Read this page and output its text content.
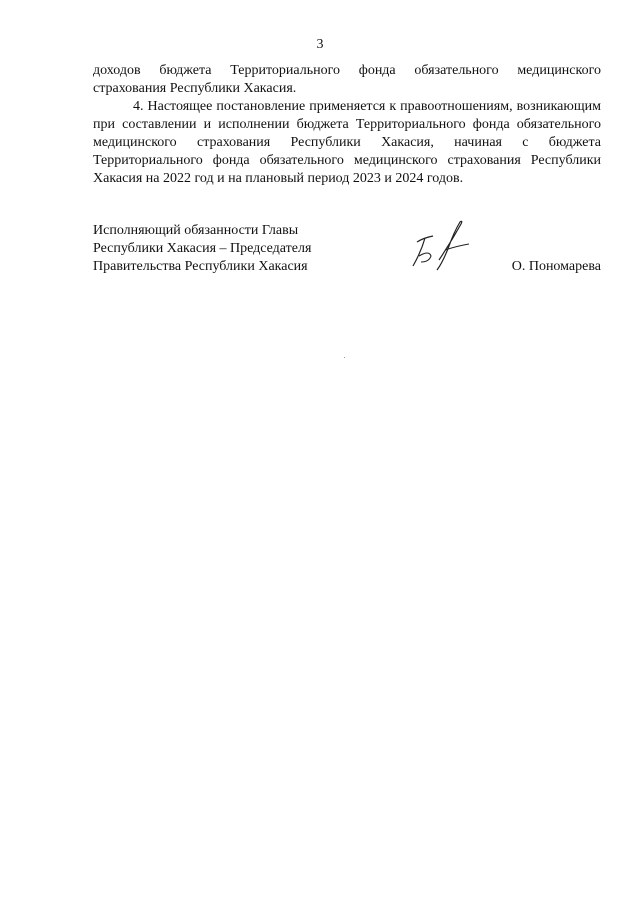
3

доходов бюджета Территориального фонда обязательного медицинского страхования Республики Хакасия.

4. Настоящее постановление применяется к правоотношениям, возникающим при составлении и исполнении бюджета Территориального фонда обязательного медицинского страхования Республики Хакасия, начиная с бюджета Территориального фонда обязательного медицинского страхования Республики Хакасия на 2022 год и на плановый период 2023 и 2024 годов.

Исполняющий обязанности Главы
Республики Хакасия – Председателя
Правительства Республики Хакасия	О. Пономарева
